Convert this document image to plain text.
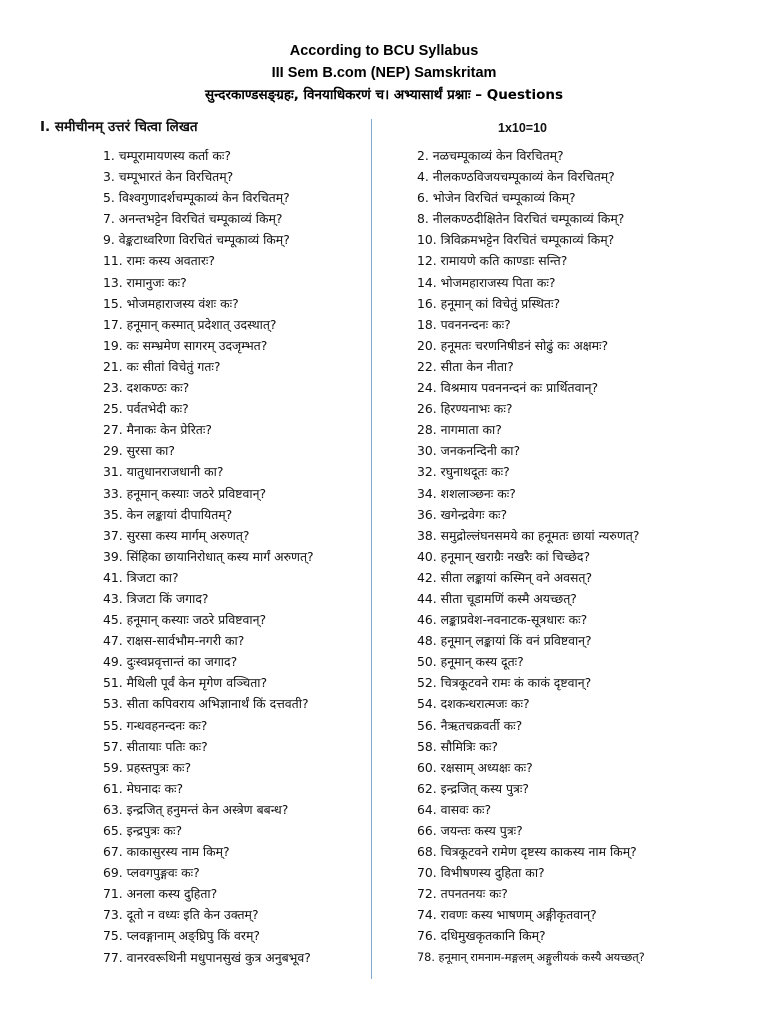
According to BCU Syllabus
III Sem B.com (NEP) Samskritam
सुन्दरकाण्डसङ्ग्रहः, विनयाधिकरणं च। अभ्यासार्थं प्रश्नाः – Questions
I. समीचीनम् उत्तरं चित्वा लिखत	1x10=10
1. चम्पूरामायणस्य कर्ता कः?
3. चम्पूभारतं केन विरचितम्?
5. विश्वगुणादर्शचम्पूकाव्यं केन विरचितम्?
7. अनन्तभट्टेन विरचितं चम्पूकाव्यं किम्?
9. वेङ्कटाध्वरिणा विरचितं चम्पूकाव्यं किम्?
11. रामः कस्य अवतारः?
13. रामानुजः कः?
15. भोजमहाराजस्य वंशः कः?
17. हनूमान् कस्मात् प्रदेशात् उदस्थात्?
19. कः सम्भ्रमेण सागरम् उदजृम्भत?
21. कः सीतां विचेतुं गतः?
23. दशकण्ठः कः?
25. पर्वतभेदी कः?
27. मैनाकः केन प्रेरितः?
29. सुरसा का?
31. यातुधानराजधानी का?
33. हनूमान् कस्याः जठरे प्रविष्टवान्?
35. केन लङ्कायां दीपायितम्?
37. सुरसा कस्य मार्गम् अरुणत्?
39. सिंहिका छायानिरोधात् कस्य मार्गं अरुणत्?
41. त्रिजटा का?
43. त्रिजटा किं जगाद?
45. हनूमान् कस्याः जठरे प्रविष्टवान्?
47. राक्षस-सार्वभौम-नगरी का?
49. दुःस्वप्नवृत्तान्तं का जगाद?
51. मैथिली पूर्वं केन मृगेण वञ्चिता?
53. सीता कपिवराय अभिज्ञानार्थं किं दत्तवती?
55. गन्धवहनन्दनः कः?
57. सीतायाः पतिः कः?
59. प्रहस्तपुत्रः कः?
61. मेघनादः कः?
63. इन्द्रजित् हनुमन्तं केन अस्त्रेण बबन्ध?
65. इन्द्रपुत्रः कः?
67. काकासुरस्य नाम किम्?
69. प्लवगपुङ्गवः कः?
71. अनला कस्य दुहिता?
73. दूतो न वध्यः इति केन उक्तम्?
75. प्लवङ्गानाम् अङ्घ्रिपु किं वरम्?
77. वानरवरूथिनी मधुपानसुखं कुत्र अनुबभूव?
2. नळचम्पूकाव्यं केन विरचितम्?
4. नीलकण्ठविजयचम्पूकाव्यं केन विरचितम्?
6. भोजेन विरचितं चम्पूकाव्यं किम्?
8. नीलकण्ठदीक्षितेन विरचितं चम्पूकाव्यं किम्?
10. त्रिविक्रमभट्टेन विरचितं चम्पूकाव्यं किम्?
12. रामायणे कति काण्डाः सन्ति?
14. भोजमहाराजस्य पिता कः?
16. हनूमान् कां विचेतुं प्रस्थितः?
18. पवननन्दनः कः?
20. हनूमतः चरणनिषीडनं सोढुं कः अक्षमः?
22. सीता केन नीता?
24. विश्रमाय पवननन्दनं कः प्रार्थितवान्?
26. हिरण्यनाभः कः?
28. नागमाता का?
30. जनकनन्दिनी का?
32. रघुनाथदूतः कः?
34. शशलाञ्छनः कः?
36. खगेन्द्रवेगः कः?
38. समुद्रोल्लंघनसमये का हनूमतः छायां न्यरुणत्?
40. हनूमान् खराग्रैः नखरैः कां चिच्छेद?
42. सीता लङ्कायां कस्मिन् वने अवसत्?
44. सीता चूडामणिं कस्मै अयच्छत्?
46. लङ्काप्रवेश-नवनाटक-सूत्रधारः कः?
48. हनूमान् लङ्कायां किं वनं प्रविष्टवान्?
50. हनूमान् कस्य दूतः?
52. चित्रकूटवने रामः कं काकं दृष्टवान्?
54. दशकन्धरात्मजः कः?
56. नैऋतचक्रवर्ती कः?
58. सौमित्रिः कः?
60. रक्षसाम् अध्यक्षः कः?
62. इन्द्रजित् कस्य पुत्रः?
64. वासवः कः?
66. जयन्तः कस्य पुत्रः?
68. चित्रकूटवने रामेण दृष्टस्य काकस्य नाम किम्?
70. विभीषणस्य दुहिता का?
72. तपनतनयः कः?
74. रावणः कस्य भाषणम् अङ्गीकृतवान्?
76. दधिमुखकृतकानि किम्?
78. हनूमान् रामनाम-मङ्गलम् अङ्गुलीयकं कस्यै अयच्छत्?
